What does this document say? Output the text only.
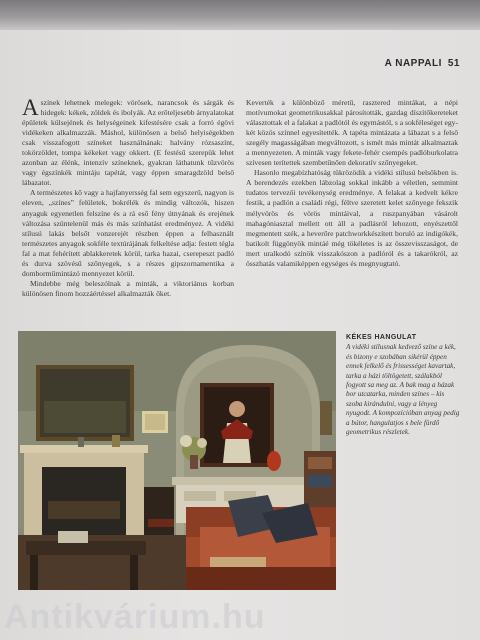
A NAPPALI 51

Aszínek lehetnek melegek: vörösek, narancsok és sárgák és hidegek: kékek, zöldek és ibolyák. Az erőteljesebb árnyalatokat épületek külsejének és helységeinek kifestésére csak a forró égövi vidékeken alkalmazzák. Máshol, különösen a belső helyiségekben csak visszafogott színeket használnának: halvány rózsaszínt, tokörzöldet, tompa kékeket vagy okkert. (E festésű szerepük lehet azonban az élénk, intenzív színeknek, gyakran láthatunk tűzvörös vagy égszínkék mintáju tapétát, vagy éppen smaragdzöld belső lábazatot.

A természetes kő vagy a hajfanyersség fal sem egyszerű, nagyon is eleven, „színes” felületek, bokrélék és mindig változók, hiszen anyaguk egyenetlen felszíne és a rá eső fény útnyának és erejének változása szüntelenül más és más színhatást eredményez. A vidéki stílusú lakás belsőt vonzerejét részben éppen a felhasznált természetes anyagok sokféle textúrájának felkeltése adja: festett tégla fal a mat fehérített ablakkeretek körül, tarka hazai, cserepeszt padló és durva szövésű szőnyegek, s a részes gipszornamentika a domborműmintázó mennyezet körül.

Mindebbe még beleszólnak a minták, a viktoriánus korban különösen finom hozzáértéssel alkalmazták őket.

Keverték a különböző méretű, rasztered mintákat, a népi motívumokat geometrikusakkal párosították, gazdag díszítőkereteket választottak el a falakat a padlótól és egymástól, s a sokféleséget egy-két közös színnel egyesítették. A tapéta mintázata a lábazat s a felső szegély magasságában megváltozott, s ismét más mintát alkalmaztak a mennyezeten. A minták vagy fekete-fehér csempés padlóburkolatra szívesen terítettek szembetűnően dekoratív szőnyegeket.

Hasonlo megabízhatóság tükrözödik a vidéki stílusú belsőkben is. A berendezés ezekben lábzolag sokkal inkább a véletlen, semmint tudatos tervezői tevékenység eredménye. A felakat a kedvelt kékre festik, a padlón a családi régi, féltve szeretett kelet szőnyege fekszik mélyvörös és vörös mintáival, a ruszpanyában vásárolt mahagóniasztal mellett ott áll a padlásról lehozott, enyészettől megmentett szék, a heverőre patchworkkészített boruló az indigókék, batikolt függönyök mintáé még tökéletes is az összevisszaságot, de mert uralkodó színök visszakószon a padlóról és a takarókról, az összhatás valamiképpen egységes és megnyugtató.

KÉKES HANGULAT
A vidéki stílusnak kedvező színe a kék, és bizony e szobában sikérül éppen ennek felkelő és frissességet kavartak, tarka a házi töltögetett, szálakból fogyott sa meg az. A bak mag a házak bor utcatarka, minden színes – kis szoba kirándulni, vagy a lényeg nyugodt. A kompozícióban anyag pedig a bútor, hangulatjos s bele fürdő geometrikus részletek.
Antikvárium.hu
